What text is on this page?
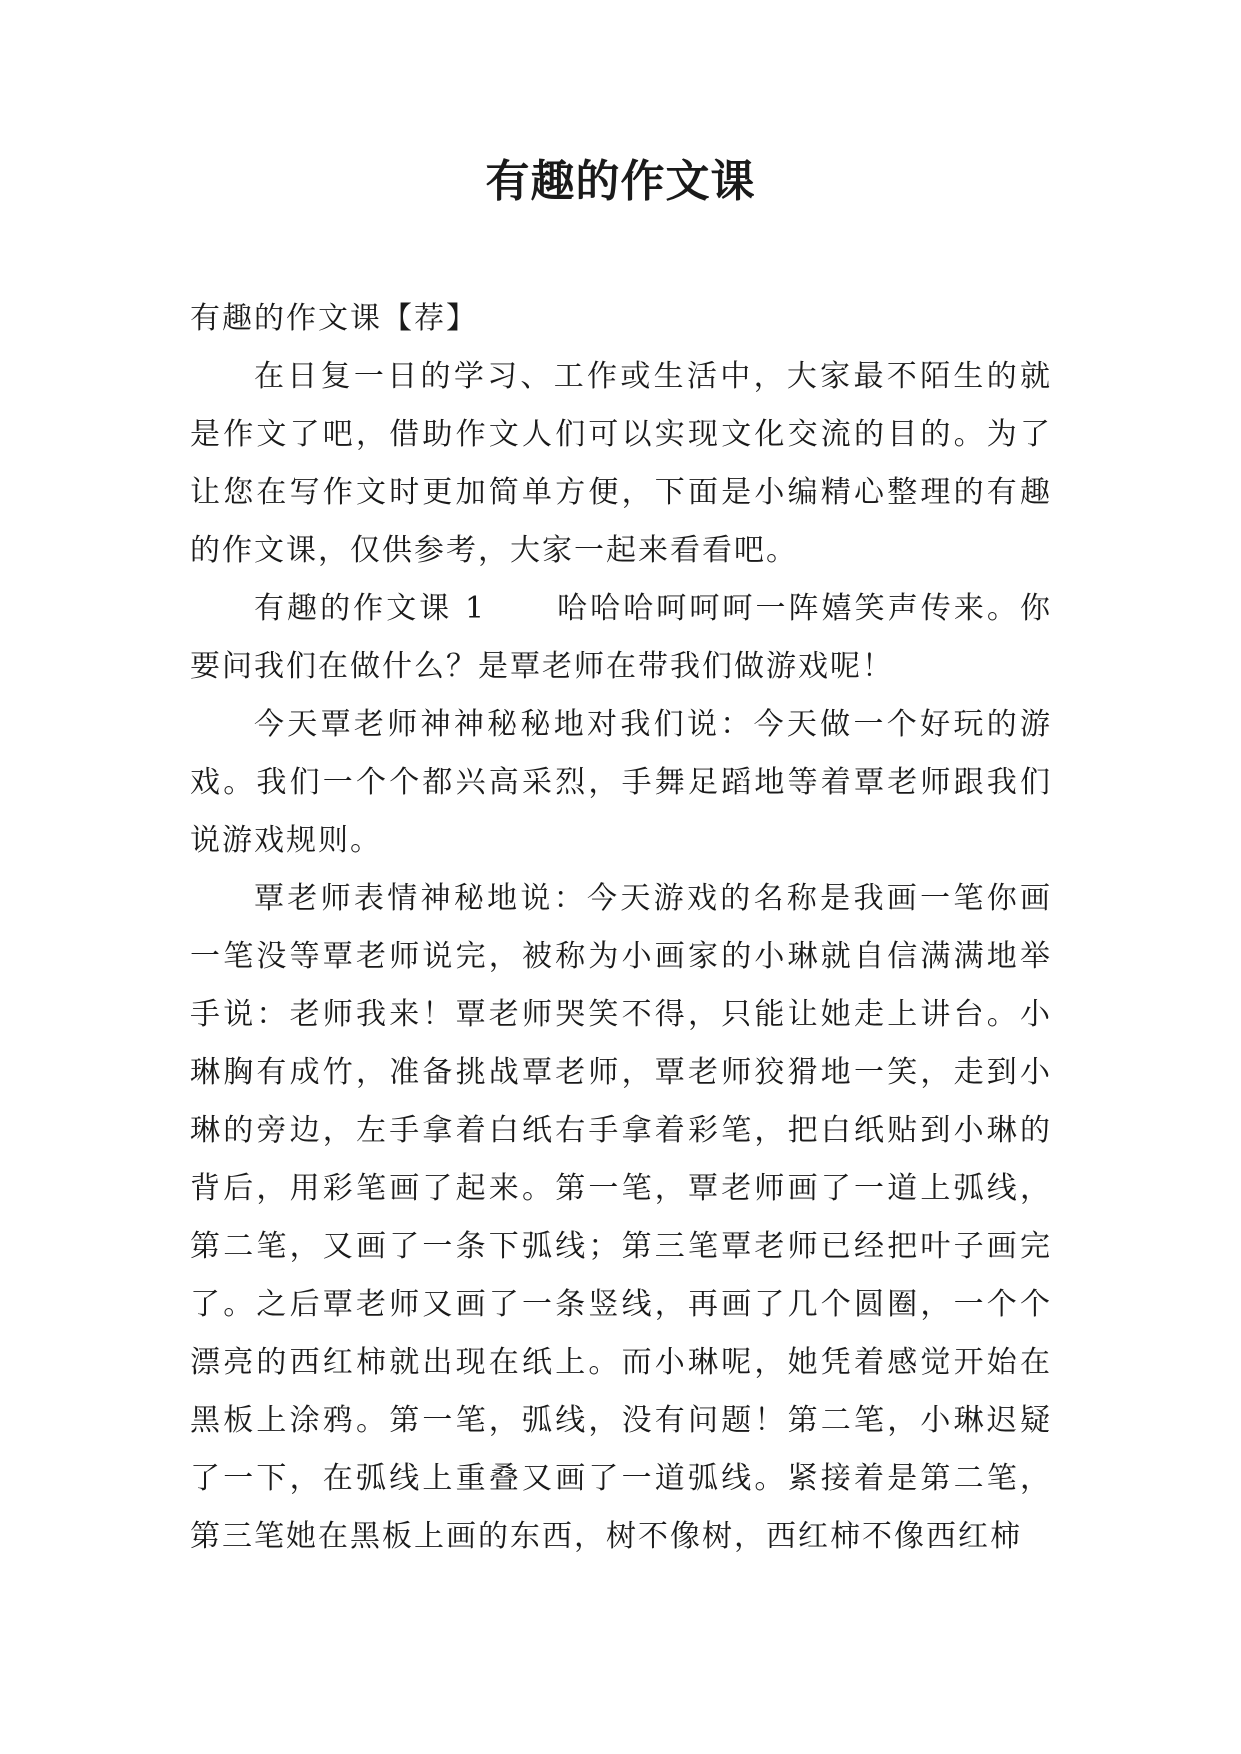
有趣的作文课

有趣的作文课【荐】

在日复一日的学习、工作或生活中，大家最不陌生的就是作文了吧，借助作文人们可以实现文化交流的目的。为了让您在写作文时更加简单方便，下面是小编精心整理的有趣的作文课，仅供参考，大家一起来看看吧。

有趣的作文课 1 哈哈哈呵呵呵一阵嬉笑声传来。你要问我们在做什么？是覃老师在带我们做游戏呢！

今天覃老师神神秘秘地对我们说：今天做一个好玩的游戏。我们一个个都兴高采烈，手舞足蹈地等着覃老师跟我们说游戏规则。

覃老师表情神秘地说：今天游戏的名称是我画一笔你画一笔没等覃老师说完，被称为小画家的小琳就自信满满地举手说：老师我来！覃老师哭笑不得，只能让她走上讲台。小琳胸有成竹，准备挑战覃老师，覃老师狡猾地一笑，走到小琳的旁边，左手拿着白纸右手拿着彩笔，把白纸贴到小琳的背后，用彩笔画了起来。第一笔，覃老师画了一道上弧线，第二笔，又画了一条下弧线；第三笔覃老师已经把叶子画完了。之后覃老师又画了一条竖线，再画了几个圆圈，一个个漂亮的西红柿就出现在纸上。而小琳呢，她凭着感觉开始在黑板上涂鸦。第一笔，弧线，没有问题！第二笔，小琳迟疑了一下，在弧线上重叠又画了一道弧线。紧接着是第二笔，第三笔她在黑板上画的东西，树不像树，西红柿不像西红柿
